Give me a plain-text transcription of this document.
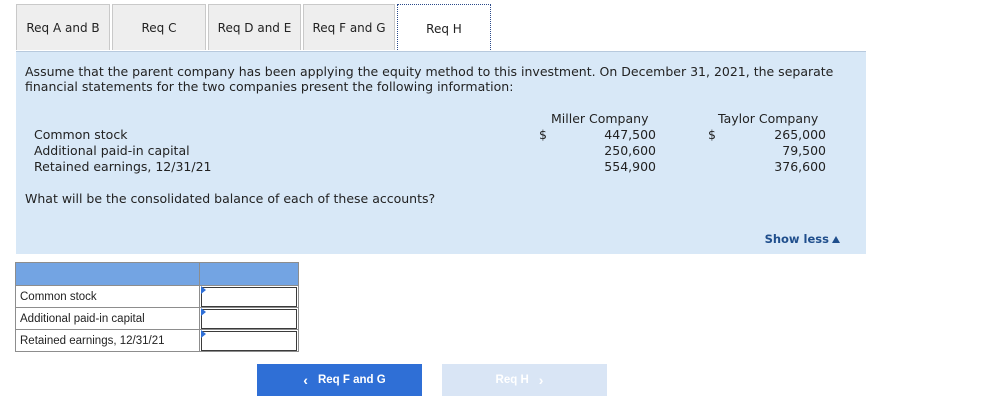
Req A and B	Req C	Req D and E	Req F and G	Req H
Assume that the parent company has been applying the equity method to this investment. On December 31, 2021, the separate financial statements for the two companies present the following information:
Miller Company	Taylor Company
Common stock	$	447,500	$	265,000
Additional paid-in capital	250,600	79,500
Retained earnings, 12/31/21	554,900	376,600
What will be the consolidated balance of each of these accounts?
Show less

Common stock	

Additional paid-in capital	

Retained earnings, 12/31/21	
‹ Req F and G	Req H ›
